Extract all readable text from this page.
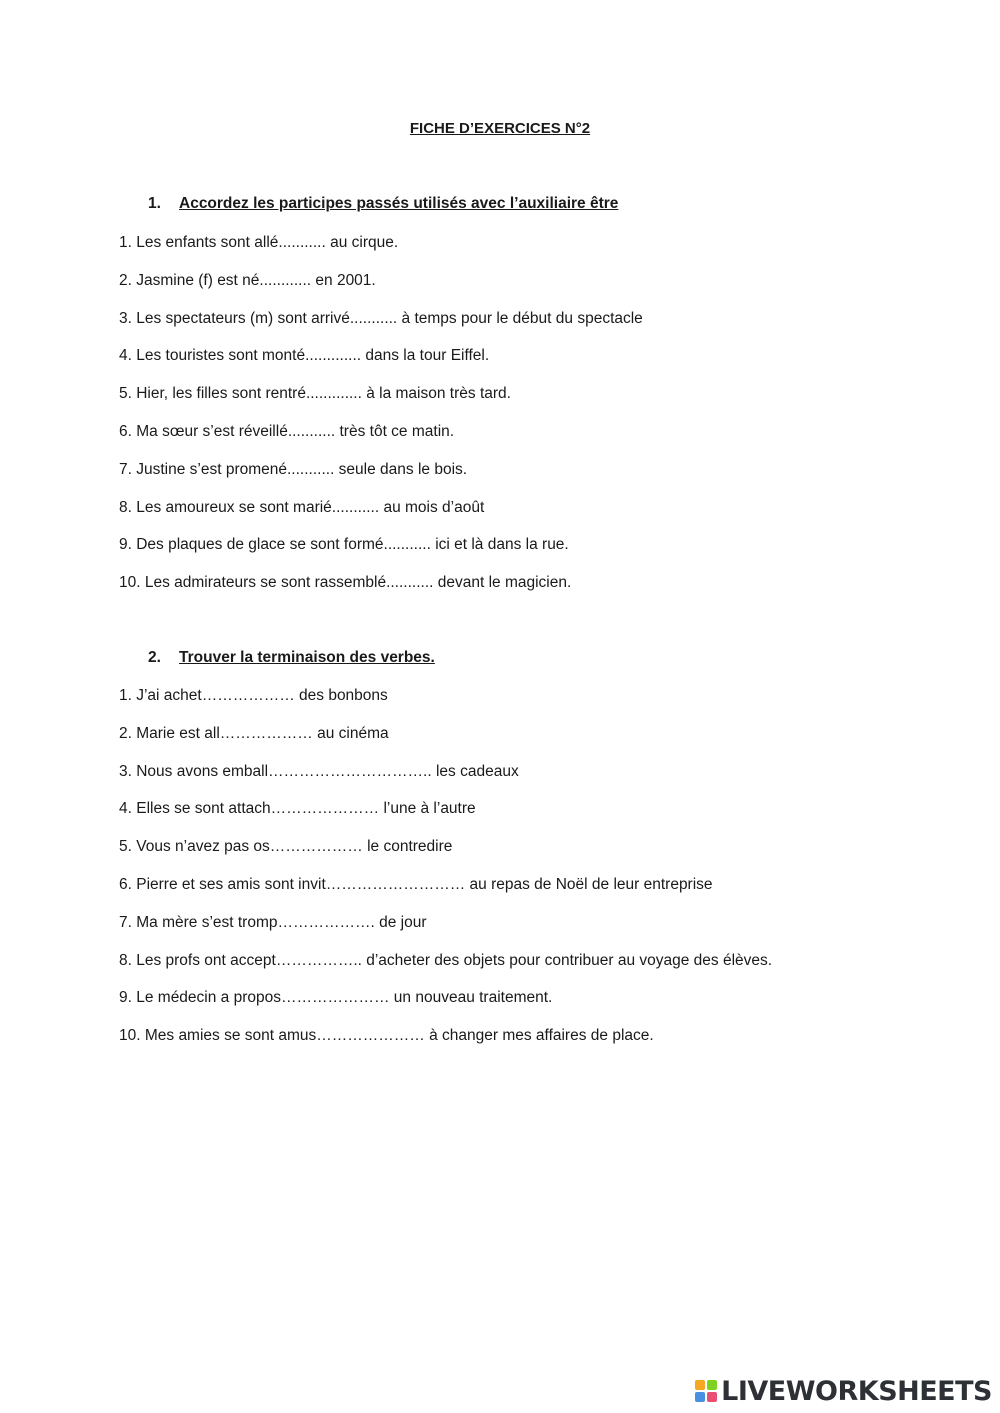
FICHE D’EXERCICES N°2
1. Accordez les participes passés utilisés avec l’auxiliaire être
1. Les enfants sont allé........... au cirque.
2. Jasmine (f) est né............ en 2001.
3. Les spectateurs (m) sont arrivé........... à temps pour le début du spectacle
4. Les touristes sont monté............. dans la tour Eiffel.
5. Hier, les filles sont rentré............. à la maison très tard.
6. Ma sœur s’est réveillé........... très tôt ce matin.
7. Justine s’est promené........... seule dans le bois.
8. Les amoureux se sont marié........... au mois d’août
9. Des plaques de glace se sont formé........... ici et là dans la rue.
10. Les admirateurs se sont rassemblé........... devant le magicien.
2. Trouver la terminaison des verbes.
1. J’ai achet……………… des bonbons
2. Marie est all……………… au cinéma
3. Nous avons emball………………………….. les cadeaux
4. Elles se sont attach………………… l’une à l’autre
5. Vous n’avez pas os……………… le contredire
6. Pierre et ses amis sont invit……………………… au repas de Noël de leur entreprise
7. Ma mère s’est tromp………………. de jour
8. Les profs ont accept…………….. d’acheter des objets pour contribuer au voyage des élèves.
9. Le médecin a propos………………… un nouveau traitement.
10. Mes amies se sont amus………………… à changer mes affaires de place.
LIVEWORKSHEETS
